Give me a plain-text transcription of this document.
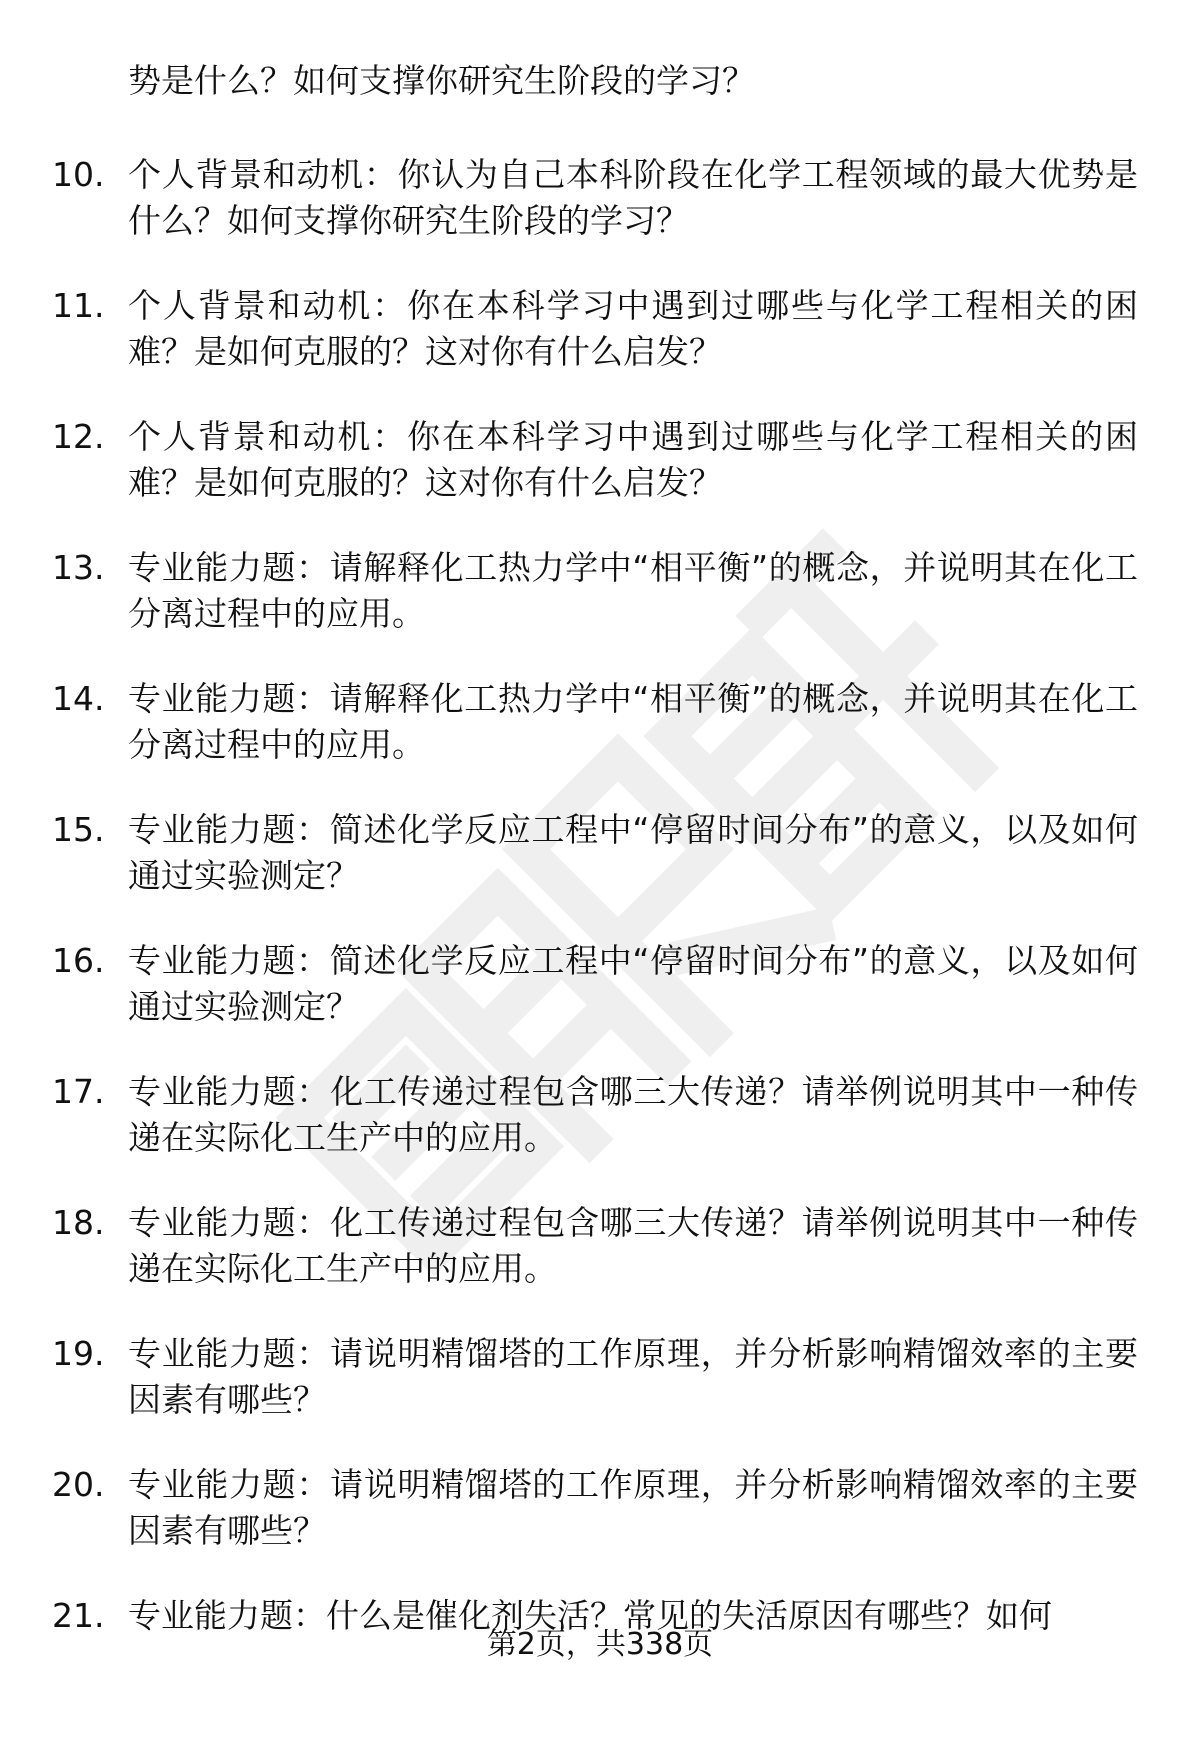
势是什么？如何支撑你研究生阶段的学习？
10. 个人背景和动机：你认为自己本科阶段在化学工程领域的最大优势是什么？如何支撑你研究生阶段的学习？
11. 个人背景和动机：你在本科学习中遇到过哪些与化学工程相关的困难？是如何克服的？这对你有什么启发？
12. 个人背景和动机：你在本科学习中遇到过哪些与化学工程相关的困难？是如何克服的？这对你有什么启发？
13. 专业能力题：请解释化工热力学中“相平衡”的概念，并说明其在化工分离过程中的应用。
14. 专业能力题：请解释化工热力学中“相平衡”的概念，并说明其在化工分离过程中的应用。
15. 专业能力题：简述化学反应工程中“停留时间分布”的意义，以及如何通过实验测定？
16. 专业能力题：简述化学反应工程中“停留时间分布”的意义，以及如何通过实验测定？
17. 专业能力题：化工传递过程包含哪三大传递？请举例说明其中一种传递在实际化工生产中的应用。
18. 专业能力题：化工传递过程包含哪三大传递？请举例说明其中一种传递在实际化工生产中的应用。
19. 专业能力题：请说明精馏塔的工作原理，并分析影响精馏效率的主要因素有哪些？
20. 专业能力题：请说明精馏塔的工作原理，并分析影响精馏效率的主要因素有哪些？
21. 专业能力题：什么是催化剂失活？常见的失活原因有哪些？如何
第2页，共338页
